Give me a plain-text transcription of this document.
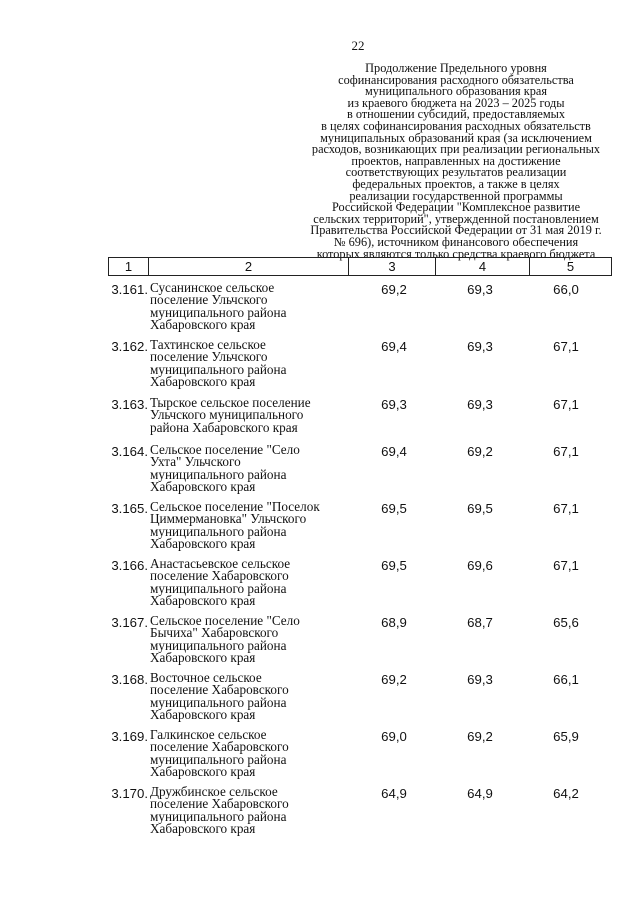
22
Продолжение Предельного уровня
софинансирования расходного обязательства
муниципального образования края
из краевого бюджета на 2023 – 2025 годы
в отношении субсидий, предоставляемых
в целях софинансирования расходных обязательств
муниципальных образований края (за исключением
расходов, возникающих при реализации региональных
проектов, направленных на достижение
соответствующих результатов реализации
федеральных проектов, а также в целях
реализации государственной программы
Российской Федерации "Комплексное развитие
сельских территорий", утвержденной постановлением
Правительства Российской Федерации от 31 мая 2019 г.
№ 696), источником финансового обеспечения
которых являются только средства краевого бюджета
1	2	3	4	5
3.161. Сусанинское сельское
поселение Ульчского
муниципального района
Хабаровского края
69,2	69,3	66,0
3.162. Тахтинское сельское
поселение Ульчского
муниципального района
Хабаровского края
69,4	69,3	67,1
3.163. Тырское сельское поселение
Ульчского муниципального
района Хабаровского края
69,3	69,3	67,1
3.164. Сельское поселение "Село
Ухта" Ульчского
муниципального района
Хабаровского края
69,4	69,2	67,1
3.165. Сельское поселение "Поселок
Циммермановка" Ульчского
муниципального района
Хабаровского края
69,5	69,5	67,1
3.166. Анастасьевское сельское
поселение Хабаровского
муниципального района
Хабаровского края
69,5	69,6	67,1
3.167. Сельское поселение "Село
Бычиха" Хабаровского
муниципального района
Хабаровского края
68,9	68,7	65,6
3.168. Восточное сельское
поселение Хабаровского
муниципального района
Хабаровского края
69,2	69,3	66,1
3.169. Галкинское сельское
поселение Хабаровского
муниципального района
Хабаровского края
69,0	69,2	65,9
3.170. Дружбинское сельское
поселение Хабаровского
муниципального района
Хабаровского края
64,9	64,9	64,2
